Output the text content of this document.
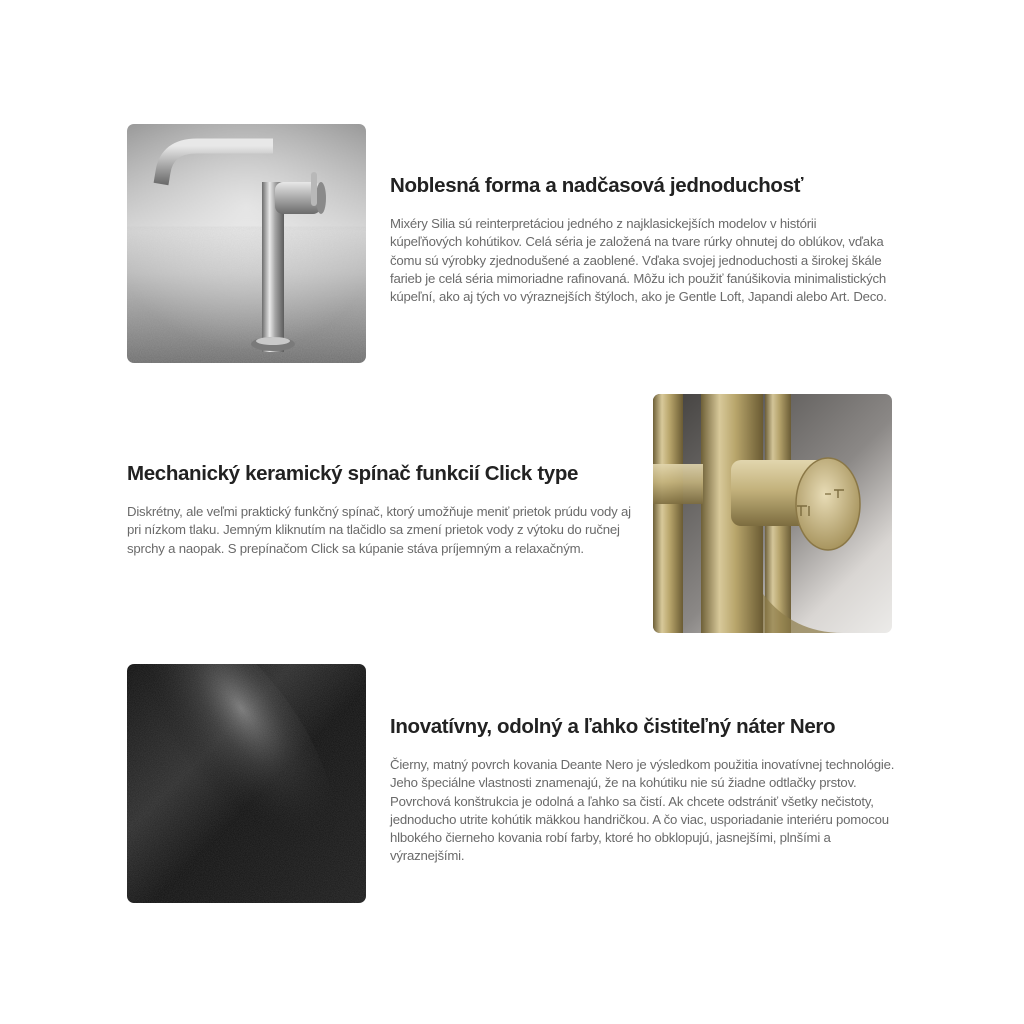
Noblesná forma a nadčasová jednoduchosť

Mixéry Silia sú reinterpretáciou jedného z najklasickejších modelov v histórii kúpeľňových kohútikov. Celá séria je založená na tvare rúrky ohnutej do oblúkov, vďaka čomu sú výrobky zjednodušené a zaoblené. Vďaka svojej jednoduchosti a širokej škále farieb je celá séria mimoriadne rafinovaná. Môžu ich použiť fanúšikovia minimalistických kúpeľní, ako aj tých vo výraznejších štýloch, ako je Gentle Loft, Japandi alebo Art. Deco.

Mechanický keramický spínač funkcií Click type

Diskrétny, ale veľmi praktický funkčný spínač, ktorý umožňuje meniť prietok prúdu vody aj pri nízkom tlaku. Jemným kliknutím na tlačidlo sa zmení prietok vody z výtoku do ručnej sprchy a naopak. S prepínačom Click sa kúpanie stáva príjemným a relaxačným.

Inovatívny, odolný a ľahko čistiteľný náter Nero

Čierny, matný povrch kovania Deante Nero je výsledkom použitia inovatívnej technológie. Jeho špeciálne vlastnosti znamenajú, že na kohútiku nie sú žiadne odtlačky prstov. Povrchová konštrukcia je odolná a ľahko sa čistí. Ak chcete odstrániť všetky nečistoty, jednoducho utrite kohútik mäkkou handričkou. A čo viac, usporiadanie interiéru pomocou hlbokého čierneho kovania robí farby, ktoré ho obklopujú, jasnejšími, plnšími a výraznejšími.
